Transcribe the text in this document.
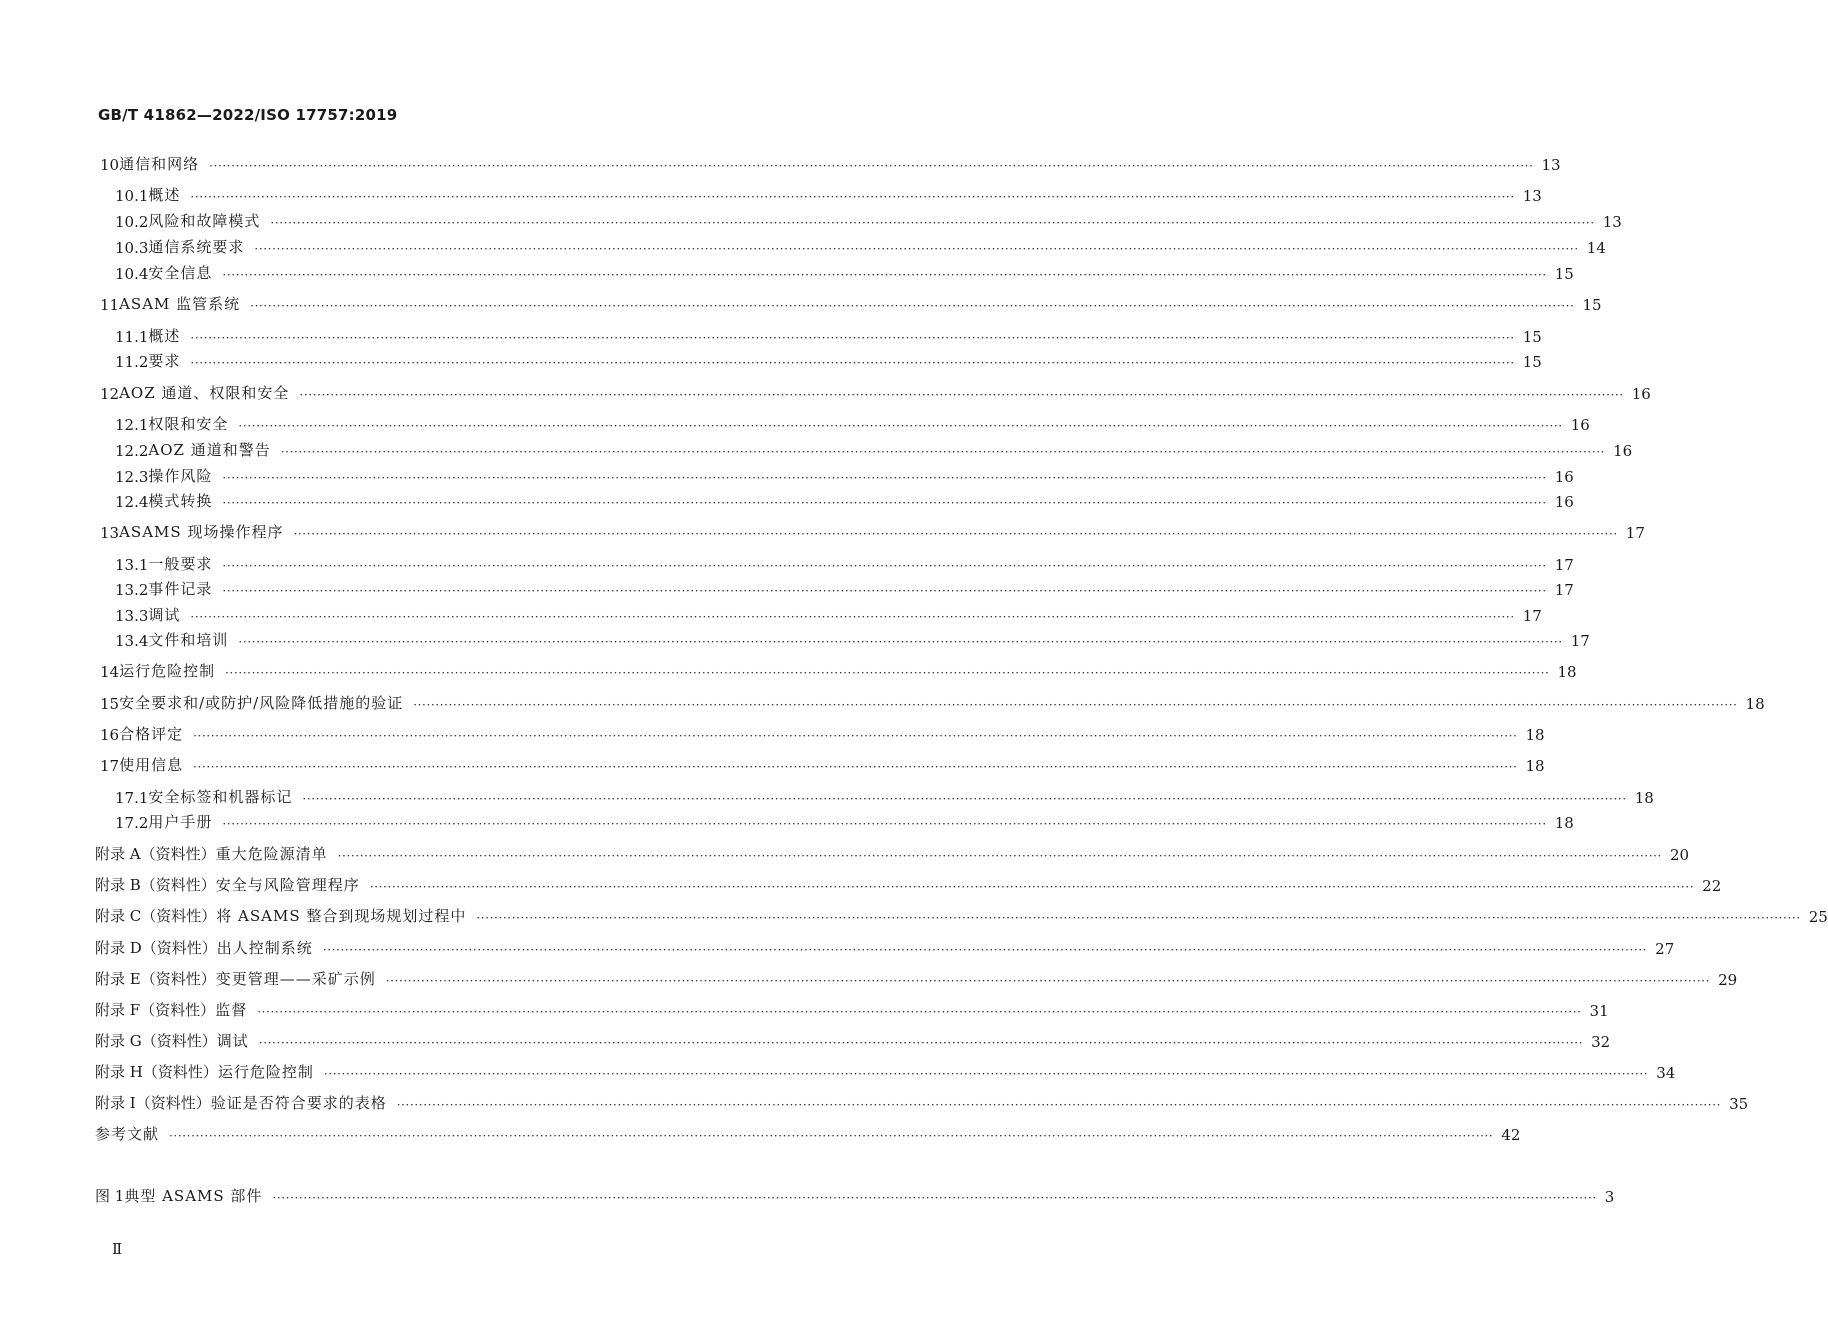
GB/T 41862—2022/ISO 17757:2019
10 通信和网络 ············································································································································································································································································································ 13
10.1 概述 ············································································································································································································································································································ 13
10.2 风险和故障模式 ············································································································································································································································································································ 13
10.3 通信系统要求 ············································································································································································································································································································ 14
10.4 安全信息 ············································································································································································································································································································ 15
11 ASAM 监管系统 ············································································································································································································································································································ 15
11.1 概述 ············································································································································································································································································································ 15
11.2 要求 ············································································································································································································································································································ 15
12 AOZ 通道、权限和安全 ············································································································································································································································································································ 16
12.1 权限和安全 ············································································································································································································································································································ 16
12.2 AOZ 通道和警告 ············································································································································································································································································································ 16
12.3 操作风险 ············································································································································································································································································································ 16
12.4 模式转换 ············································································································································································································································································································ 16
13 ASAMS 现场操作程序 ············································································································································································································································································································ 17
13.1 一般要求 ············································································································································································································································································································ 17
13.2 事件记录 ············································································································································································································································································································ 17
13.3 调试 ············································································································································································································································································································ 17
13.4 文件和培训 ············································································································································································································································································································ 17
14 运行危险控制 ············································································································································································································································································································ 18
15 安全要求和/或防护/风险降低措施的验证 ············································································································································································································································································································ 18
16 合格评定 ············································································································································································································································································································ 18
17 使用信息 ············································································································································································································································································································ 18
17.1 安全标签和机器标记 ············································································································································································································································································································ 18
17.2 用户手册 ············································································································································································································································································································ 18
附录 A（资料性） 重大危险源清单 ············································································································································································································································································································ 20
附录 B（资料性） 安全与风险管理程序 ············································································································································································································································································································ 22
附录 C（资料性） 将 ASAMS 整合到现场规划过程中 ············································································································································································································································································································ 25
附录 D（资料性） 出人控制系统 ············································································································································································································································································································ 27
附录 E（资料性） 变更管理——采矿示例 ············································································································································································································································································································ 29
附录 F（资料性） 监督 ············································································································································································································································································································ 31
附录 G（资料性） 调试 ············································································································································································································································································································ 32
附录 H（资料性） 运行危险控制 ············································································································································································································································································································ 34
附录 I（资料性） 验证是否符合要求的表格 ············································································································································································································································································································ 35
参考文献 ············································································································································································································································································································ 42
图 1 典型 ASAMS 部件 ············································································································································································································································································································ 3
Ⅱ
